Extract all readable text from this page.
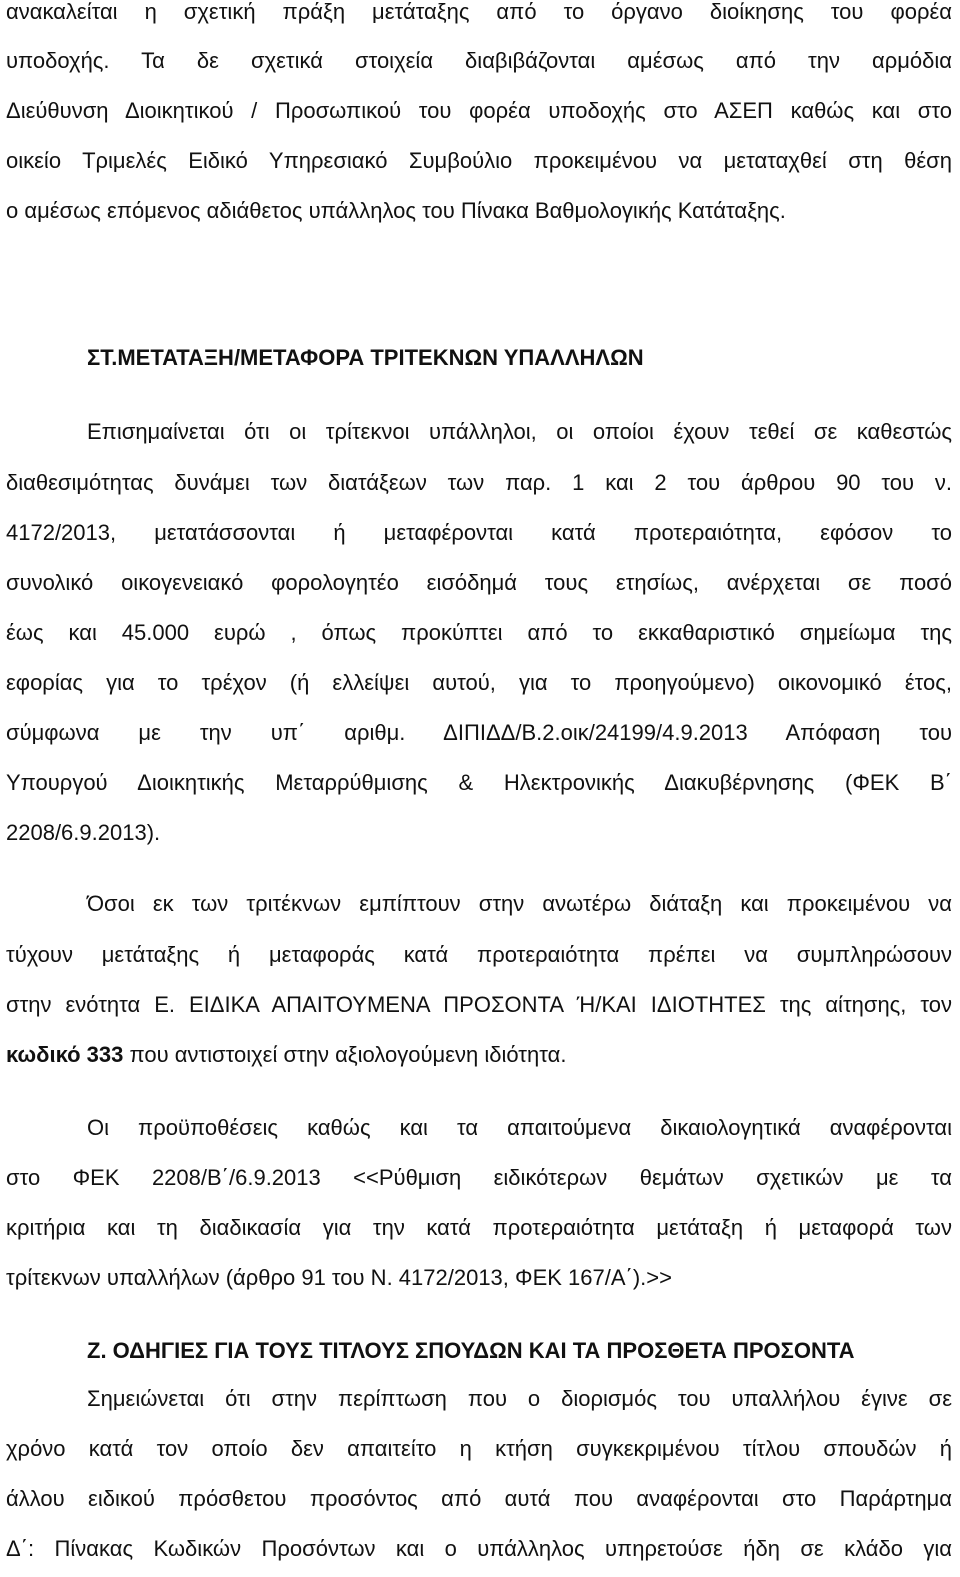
ανακαλείται η σχετική πράξη μετάταξης από το όργανο διοίκησης του φορέα
υποδοχής. Τα δε σχετικά στοιχεία διαβιβάζονται αμέσως από την αρμόδια
Διεύθυνση Διοικητικού / Προσωπικού του φορέα υποδοχής στο ΑΣΕΠ καθώς και στο
οικείο Τριμελές Ειδικό Υπηρεσιακό Συμβούλιο προκειμένου να μεταταχθεί στη θέση
ο αμέσως επόμενος αδιάθετος υπάλληλος του Πίνακα Βαθμολογικής Κατάταξης.
ΣΤ.ΜΕΤΑΤΑΞΗ/ΜΕΤΑΦΟΡΑ ΤΡΙΤΕΚΝΩΝ ΥΠΑΛΛΗΛΩΝ
Επισημαίνεται ότι οι τρίτεκνοι υπάλληλοι, οι οποίοι έχουν τεθεί σε καθεστώς
διαθεσιμότητας δυνάμει των διατάξεων των παρ. 1 και 2 του άρθρου 90 του ν.
4172/2013, μετατάσσονται ή μεταφέρονται κατά προτεραιότητα, εφόσον το
συνολικό οικογενειακό φορολογητέο εισόδημά τους ετησίως, ανέρχεται σε ποσό
έως και 45.000 ευρώ , όπως προκύπτει από το εκκαθαριστικό σημείωμα της
εφορίας για το τρέχον (ή ελλείψει αυτού, για το προηγούμενο) οικονομικό έτος,
σύμφωνα με την υπ΄ αριθμ. ΔΙΠΙΔΔ/Β.2.οικ/24199/4.9.2013 Απόφαση του
Υπουργού Διοικητικής Μεταρρύθμισης & Ηλεκτρονικής Διακυβέρνησης (ΦΕΚ Β΄
2208/6.9.2013).
Όσοι εκ των τριτέκνων εμπίπτουν στην ανωτέρω διάταξη και προκειμένου να
τύχουν μετάταξης ή μεταφοράς κατά προτεραιότητα πρέπει να συμπληρώσουν
στην ενότητα Ε. ΕΙΔΙΚΑ ΑΠΑΙΤΟΥΜΕΝΑ ΠΡΟΣΟΝΤΑ Ή/ΚΑΙ ΙΔΙΟΤΗΤΕΣ της αίτησης, τον
κωδικό 333 που αντιστοιχεί στην αξιολογούμενη ιδιότητα.
Οι προϋποθέσεις καθώς και τα απαιτούμενα δικαιολογητικά αναφέρονται
στο ΦΕΚ 2208/Β΄/6.9.2013 <<Ρύθμιση ειδικότερων θεμάτων σχετικών με τα
κριτήρια και τη διαδικασία για την κατά προτεραιότητα μετάταξη ή μεταφορά των
τρίτεκνων υπαλλήλων (άρθρο 91 του Ν. 4172/2013, ΦΕΚ 167/Α΄).>>
Ζ. ΟΔΗΓΙΕΣ ΓΙΑ ΤΟΥΣ ΤΙΤΛΟΥΣ ΣΠΟΥΔΩΝ ΚΑΙ ΤΑ ΠΡΟΣΘΕΤΑ ΠΡΟΣΟΝΤΑ
Σημειώνεται ότι στην περίπτωση που ο διορισμός του υπαλλήλου έγινε σε
χρόνο κατά τον οποίο δεν απαιτείτο η κτήση συγκεκριμένου τίτλου σπουδών ή
άλλου ειδικού πρόσθετου προσόντος από αυτά που αναφέρονται στο Παράρτημα
Δ΄: Πίνακας Κωδικών Προσόντων και ο υπάλληλος υπηρετούσε ήδη σε κλάδο για
